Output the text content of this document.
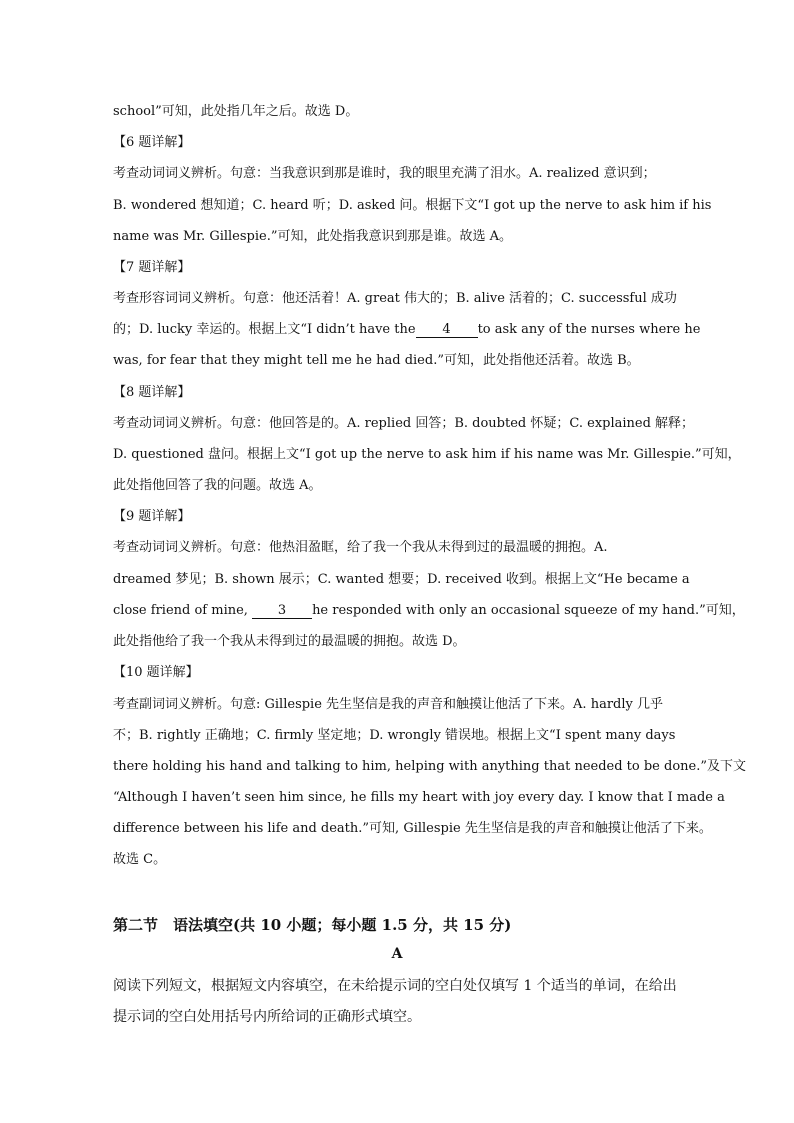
school”可知，此处指几年之后。故选 D。
【6 题详解】
考查动词词义辨析。句意：当我意识到那是谁时，我的眼里充满了泪水。A. realized 意识到；
B. wondered 想知道；C. heard 听；D. asked 问。根据下文“I got up the nerve to ask him if his
name was Mr. Gillespie.”可知，此处指我意识到那是谁。故选 A。
【7 题详解】
考查形容词词义辨析。句意：他还活着！A. great 伟大的；B. alive 活着的；C. successful 成功
的；D. lucky 幸运的。根据上文“I didn’t have the 4 to ask any of the nurses where he
was, for fear that they might tell me he had died.”可知，此处指他还活着。故选 B。
【8 题详解】
考查动词词义辨析。句意：他回答是的。A. replied 回答；B. doubted 怀疑；C. explained 解释；
D. questioned 盘问。根据上文“I got up the nerve to ask him if his name was Mr. Gillespie.”可知，
此处指他回答了我的问题。故选 A。
【9 题详解】
考查动词词义辨析。句意：他热泪盈眶，给了我一个我从未得到过的最温暖的拥抱。A.
dreamed 梦见；B. shown 展示；C. wanted 想要；D. received 收到。根据上文“He became a
close friend of mine, 3 he responded with only an occasional squeeze of my hand.”可知，
此处指他给了我一个我从未得到过的最温暖的拥抱。故选 D。
【10 题详解】
考查副词词义辨析。句意: Gillespie 先生坚信是我的声音和触摸让他活了下来。A. hardly 几乎
不；B. rightly 正确地；C. firmly 坚定地；D. wrongly 错误地。根据上文“I spent many days
there holding his hand and talking to him, helping with anything that needed to be done.”及下文
“Although I haven’t seen him since, he fills my heart with joy every day. I know that I made a
difference between his life and death.”可知, Gillespie 先生坚信是我的声音和触摸让他活了下来。
故选 C。
第二节　语法填空(共 10 小题；每小题 1.5 分，共 15 分)
A
阅读下列短文，根据短文内容填空，在未给提示词的空白处仅填写 1 个适当的单词，在给出
提示词的空白处用括号内所给词的正确形式填空。
